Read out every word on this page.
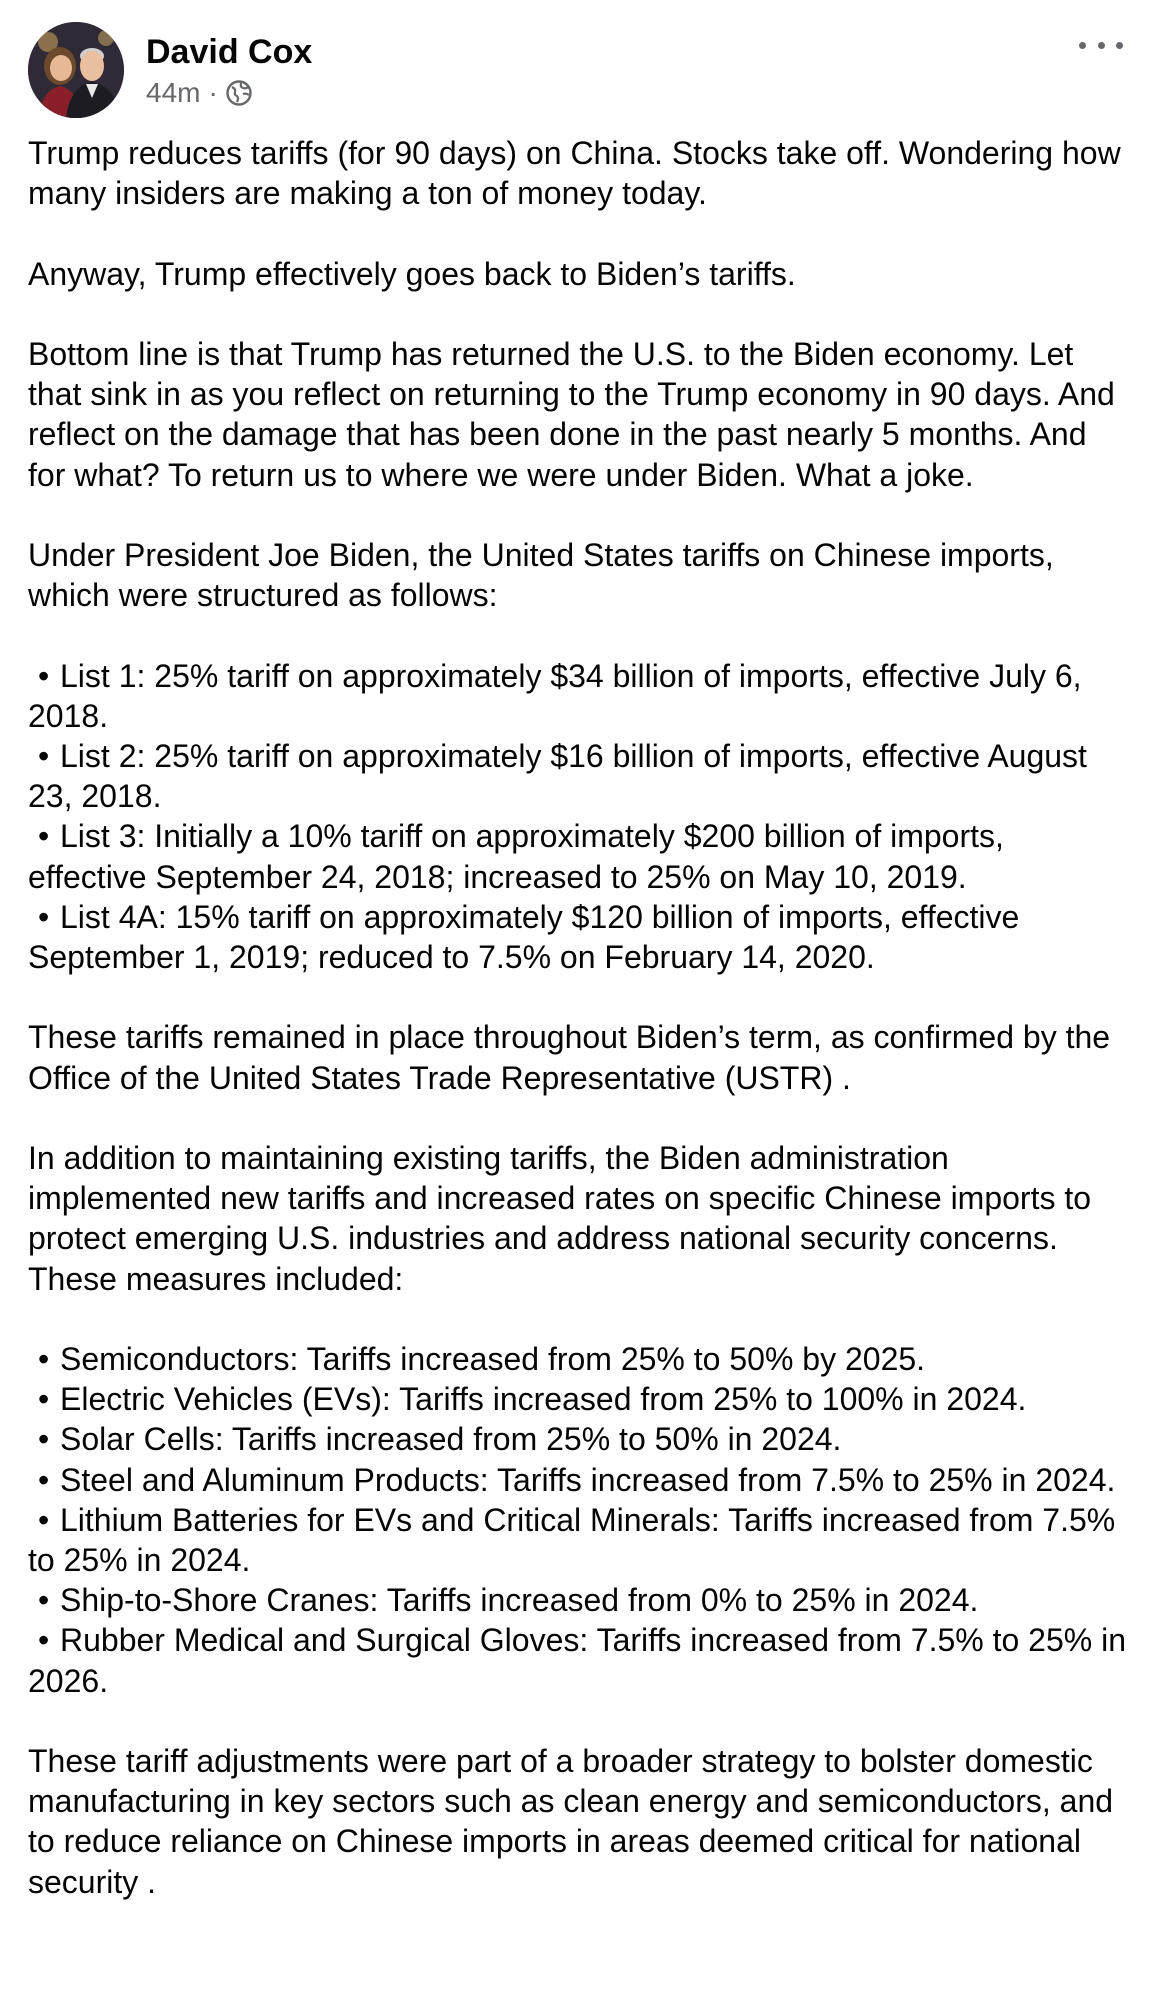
David Cox
44m ·

Trump reduces tariffs (for 90 days) on China. Stocks take off. Wondering how many insiders are making a ton of money today.

Anyway, Trump effectively goes back to Biden’s tariffs.

Bottom line is that Trump has returned the U.S. to the Biden economy. Let that sink in as you reflect on returning to the Trump economy in 90 days. And reflect on the damage that has been done in the past nearly 5 months. And for what? To return us to where we were under Biden. What a joke.

Under President Joe Biden, the United States tariffs on Chinese imports, which were structured as follows:

• List 1: 25% tariff on approximately $34 billion of imports, effective July 6, 2018.
• List 2: 25% tariff on approximately $16 billion of imports, effective August 23, 2018.
• List 3: Initially a 10% tariff on approximately $200 billion of imports, effective September 24, 2018; increased to 25% on May 10, 2019.
• List 4A: 15% tariff on approximately $120 billion of imports, effective September 1, 2019; reduced to 7.5% on February 14, 2020.

These tariffs remained in place throughout Biden’s term, as confirmed by the Office of the United States Trade Representative (USTR) .

In addition to maintaining existing tariffs, the Biden administration implemented new tariffs and increased rates on specific Chinese imports to protect emerging U.S. industries and address national security concerns. These measures included:

• Semiconductors: Tariffs increased from 25% to 50% by 2025.
• Electric Vehicles (EVs): Tariffs increased from 25% to 100% in 2024.
• Solar Cells: Tariffs increased from 25% to 50% in 2024.
• Steel and Aluminum Products: Tariffs increased from 7.5% to 25% in 2024.
• Lithium Batteries for EVs and Critical Minerals: Tariffs increased from 7.5% to 25% in 2024.
• Ship-to-Shore Cranes: Tariffs increased from 0% to 25% in 2024.
• Rubber Medical and Surgical Gloves: Tariffs increased from 7.5% to 25% in 2026.

These tariff adjustments were part of a broader strategy to bolster domestic manufacturing in key sectors such as clean energy and semiconductors, and to reduce reliance on Chinese imports in areas deemed critical for national security .
